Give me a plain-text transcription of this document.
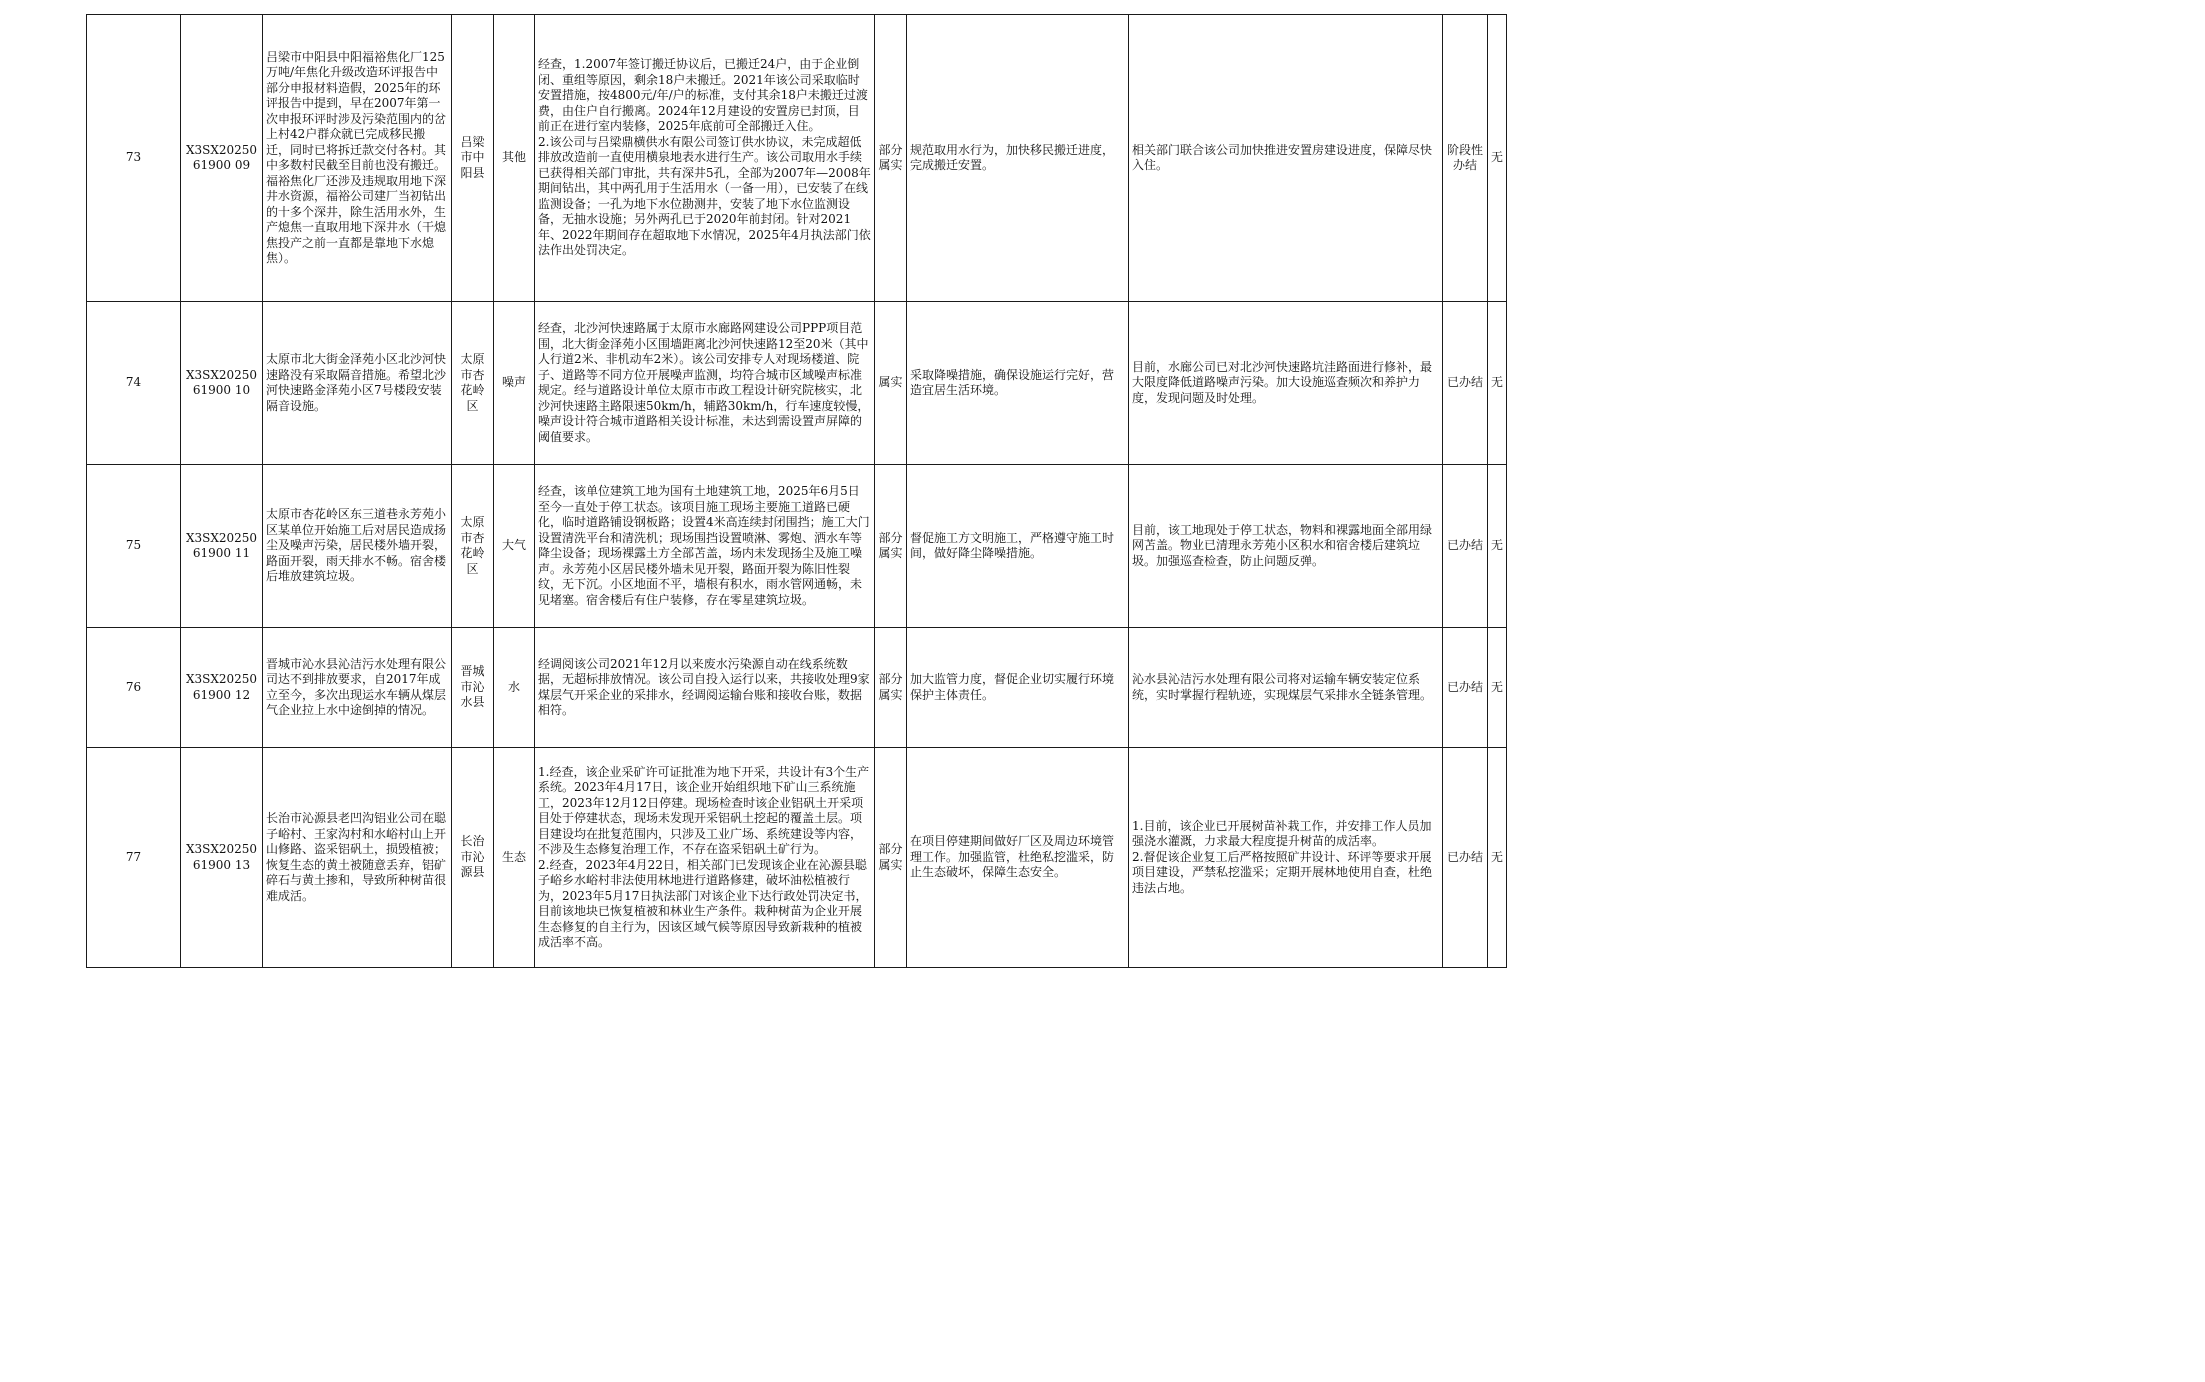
73	X3SX2025061900 09	吕梁市中阳县中阳福裕焦化厂125万吨/年焦化升级改造环评报告中部分申报材料造假，2025年的环评报告中提到，早在2007年第一次申报环评时涉及污染范围内的岔上村42户群众就已完成移民搬迁，同时已将拆迁款交付各村。其中多数村民截至目前也没有搬迁。福裕焦化厂还涉及违规取用地下深井水资源，福裕公司建厂当初钻出的十多个深井，除生活用水外，生产熄焦一直取用地下深井水（干熄焦投产之前一直都是靠地下水熄焦）。	吕梁市中阳县	其他	经查，1.2007年签订搬迁协议后，已搬迁24户，由于企业倒闭、重组等原因，剩余18户未搬迁。2021年该公司采取临时安置措施，按4800元/年/户的标准，支付其余18户未搬迁过渡费，由住户自行搬离。2024年12月建设的安置房已封顶，目前正在进行室内装修，2025年底前可全部搬迁入住。
2.该公司与吕梁鼎横供水有限公司签订供水协议，未完成超低排放改造前一直使用横泉地表水进行生产。该公司取用水手续已获得相关部门审批，共有深井5孔，全部为2007年—2008年期间钻出，其中两孔用于生活用水（一备一用），已安装了在线监测设备；一孔为地下水位勘测井，安装了地下水位监测设备，无抽水设施；另外两孔已于2020年前封闭。针对2021年、2022年期间存在超取地下水情况，2025年4月执法部门依法作出处罚决定。	部分属实	规范取用水行为，加快移民搬迁进度，完成搬迁安置。	相关部门联合该公司加快推进安置房建设进度，保障尽快入住。	阶段性办结	无
74	X3SX2025061900 10	太原市北大街金泽苑小区北沙河快速路没有采取隔音措施。希望北沙河快速路金泽苑小区7号楼段安装隔音设施。	太原市杏花岭区	噪声	经查，北沙河快速路属于太原市水廊路网建设公司PPP项目范围，北大街金泽苑小区围墙距离北沙河快速路12至20米（其中人行道2米、非机动车2米）。该公司安排专人对现场楼道、院子、道路等不同方位开展噪声监测，均符合城市区域噪声标准规定。经与道路设计单位太原市市政工程设计研究院核实，北沙河快速路主路限速50km/h，辅路30km/h，行车速度较慢，噪声设计符合城市道路相关设计标准，未达到需设置声屏障的阈值要求。	属实	采取降噪措施，确保设施运行完好，营造宜居生活环境。	目前，水廊公司已对北沙河快速路坑洼路面进行修补，最大限度降低道路噪声污染。加大设施巡查频次和养护力度，发现问题及时处理。	已办结	无
75	X3SX2025061900 11	太原市杏花岭区东三道巷永芳苑小区某单位开始施工后对居民造成扬尘及噪声污染，居民楼外墙开裂，路面开裂，雨天排水不畅。宿舍楼后堆放建筑垃圾。	太原市杏花岭区	大气	经查，该单位建筑工地为国有土地建筑工地，2025年6月5日至今一直处于停工状态。该项目施工现场主要施工道路已硬化，临时道路铺设钢板路；设置4米高连续封闭围挡；施工大门设置清洗平台和清洗机；现场围挡设置喷淋、雾炮、洒水车等降尘设备；现场裸露土方全部苫盖，场内未发现扬尘及施工噪声。永芳苑小区居民楼外墙未见开裂，路面开裂为陈旧性裂纹，无下沉。小区地面不平，墙根有积水，雨水管网通畅，未见堵塞。宿舍楼后有住户装修，存在零星建筑垃圾。	部分属实	督促施工方文明施工，严格遵守施工时间，做好降尘降噪措施。	目前，该工地现处于停工状态，物料和裸露地面全部用绿网苫盖。物业已清理永芳苑小区积水和宿舍楼后建筑垃圾。加强巡查检查，防止问题反弹。	已办结	无
76	X3SX2025061900 12	晋城市沁水县沁洁污水处理有限公司达不到排放要求，自2017年成立至今，多次出现运水车辆从煤层气企业拉上水中途倒掉的情况。	晋城市沁水县	水	经调阅该公司2021年12月以来废水污染源自动在线系统数据，无超标排放情况。该公司自投入运行以来，共接收处理9家煤层气开采企业的采排水，经调阅运输台账和接收台账，数据相符。	部分属实	加大监管力度，督促企业切实履行环境保护主体责任。	沁水县沁洁污水处理有限公司将对运输车辆安装定位系统，实时掌握行程轨迹，实现煤层气采排水全链条管理。	已办结	无
77	X3SX2025061900 13	长治市沁源县老凹沟铝业公司在聪子峪村、王家沟村和水峪村山上开山修路、盗采铝矾土，损毁植被；恢复生态的黄土被随意丢弃，铝矿碎石与黄土掺和，导致所种树苗很难成活。	长治市沁源县	生态	1.经查，该企业采矿许可证批准为地下开采，共设计有3个生产系统。2023年4月17日，该企业开始组织地下矿山三系统施工，2023年12月12日停建。现场检查时该企业铝矾土开采项目处于停建状态，现场未发现开采铝矾土挖起的覆盖土层。项目建设均在批复范围内，只涉及工业广场、系统建设等内容，不涉及生态修复治理工作，不存在盗采铝矾土矿行为。
2.经查，2023年4月22日，相关部门已发现该企业在沁源县聪子峪乡水峪村非法使用林地进行道路修建，破坏油松植被行为，2023年5月17日执法部门对该企业下达行政处罚决定书，目前该地块已恢复植被和林业生产条件。栽种树苗为企业开展生态修复的自主行为，因该区域气候等原因导致新栽种的植被成活率不高。	部分属实	在项目停建期间做好厂区及周边环境管理工作。加强监管，杜绝私挖滥采，防止生态破坏，保障生态安全。	1.目前，该企业已开展树苗补栽工作，并安排工作人员加强浇水灌溉，力求最大程度提升树苗的成活率。
2.督促该企业复工后严格按照矿井设计、环评等要求开展项目建设，严禁私挖滥采；定期开展林地使用自查，杜绝违法占地。	已办结	无
